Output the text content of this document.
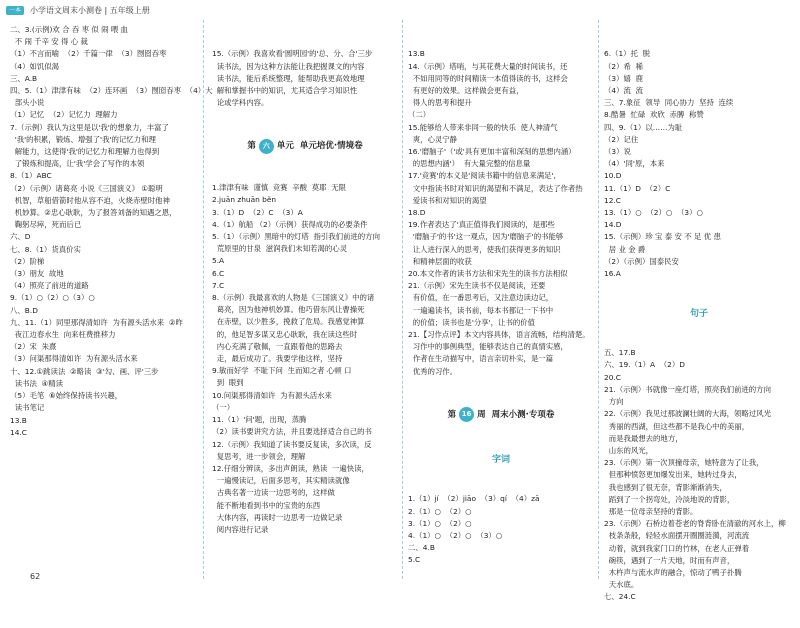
一本	小学语文周末小测卷 | 五年级上册
二、3.(示例)欢 合 吞 枣 似 闹 喂 血
不 闹 千辛 安 得 心 裁
（1）不言而喻  （2）千篇一律  （3）囫囵吞枣
（4）如饥似渴
三、A.B
四、5.（1）津津有味  （2）连环画  （3）囫囵吞枣  （4）大
部头小说
（1）记忆  （2）记忆力  理解力
7.（示例）我认为这里是以'我'的想象力，丰富了
'我'的积累，锻炼、增强了'我'的记忆力和理
解能力，这使得'我'的记忆力和理解力也得到
了锻炼和提高，让'我'学会了写作的本领
8.（1）ABC
（2）（示例）诸葛亮 小说《三国演义》 ①聪明
机智，草船借箭时他从容不迫，火烧赤壁时他神
机妙算。②忠心耿耿，为了报答刘备的知遇之恩，
鞠躬尽瘁，死而后已
六、D
七、8.（1）货真价实
（2）阶梯
（3）朋友  故地
（4）照亮了前进的道路
9.（1）○（2）○（3）○
八、B.D
九、11.（1）同里那得清如许  为有源头活水来  ②昨
夜江边春水生  向来枉费推移力
（2）宋  朱熹
（3）问渠那得清如许  为有源头活水来
十、12.①跳读法  ②略读  ③'勾、画、评'三步
读书法  ④精读
（5）毛笔  ⑥始终保持读书兴趣，
读书笔记
13.B
14.C

15.（示例）我喜欢看'圆明园'的'总、分、合'三步
读书法，因为这种方法能让我把握课文的内容
读书法，能后系统整理，能帮助我更高效地理
解和掌握书中的知识，尤其适合学习知识性
论或学科内容。

第	六 单元  单元培优·情境卷

1.津津有味  谨慎  竞赛  辛酸  莫耶  无限
2.juān zhuān běn
3.（1）D  （2）C  （3）A
4.（1）航船 （2）（示例）获得成功的必要条件
5.（1）（示例）黑暗中的灯塔  指引我们前进的方向
荒原里的甘泉  滋润我们未知若渴的心灵
5.A
6.C
7.C
8.（示例）我最喜欢的人物是《三国演义》中的诸
葛亮，因为他神机妙算。他巧借东风让曹操死
在赤壁，以少胜多，挽救了危局。我感觉神算
的，他足智多谋又忠心耿耿，我在读这些时
内心充满了敬佩，一直跟着他的思路去
走，最后成功了。我要学他这样，坚持
9.敏而好学  不耻下问  生而知之者 心顿 口
到  眼到
10.问渠那得清如许  为有源头活水来
（一）
11.（1）'问'题，出现，蒸腾
（2）读书要讲究方法，并且要选择适合自己的书
12.（示例）我知道了读书要反复读，多次读，反
复思考，进一步领会，理解
12.仔细分辨读，多出声朗读，熟读  一遍快读，
一遍慢读记，后面多思考，其实精读就像
古典名著一边读一边思考的，这样做
能不断地看到书中的宝贵的东西
大体内容，再读时一边思考一边做记录
阅内容进行记录

13.B
14.（示例）塔哨，与其花费大量的时间读书，还
不如用同等的时间精读一本值得读的书，这样会
有更好的效果。这样做会更有益，
得人的思考和提升
（二）
15.能够给人带来非同一般的快乐  使人神清气
爽，心灵宁静
16.'磨脑子'（'或'具有更加丰富和深刻的思想内涵）
的思想内涵'）  有大量完整的信息量
17.'竞赛'的本义是'阅读书籍中的信息来满足',
文中指读书时对知识的渴望和不满足，表达了作者热
爱读书和对知识的渴望
18.D
19.作者表达了'真正值得我们阅读的，是那些
'磨脑子'的书'这一观点，因为'磨脑子'的书能够
让人进行深入的思考，使我们获得更多的知识
和精神层面的收获
20.本文作者的读书方法和宋先生的读书方法相似
21.（示例）宋先生读书不仅是阅读，还要
有价值，在一番思考后，又注意边读边记，
一遍遍读书，读书前，每本书都记一下书中
的价值；读书也是'分享'，让书的价值
21.【习作点评】本文内容具体，语言流畅，结构清楚。
习作中的事例典型，能够表达自己的真情实感，
作者在生动描写中，语言亲切朴实，是一篇
优秀的习作。

第 16 周  周末小测·专项卷

字词

1.（1）jí  （2）jiāo  （3）qí  （4）zā
2.（1）○  （2）○
3.（1）○  （2）○
4.（1）○  （2）○  （3）○
二、4.B
5.C

6.（1）托  脱
（2）希  稀
（3）嬉  鹿
（4）流  流
三、7.象征  领导  同心协力  坚持  连续
8.酷暑  忙碌  欢欣  赤膊  称赞
四、9.（1）以……为耻
（2）记住
（3）说
（4）'同'原，本来
10.D
11.（1）D  （2）C
12.C
13.（1）○  （2）○  （3）○
14.D
15.（示例）珍 宝 泰 安 不 足 优 患
居 业 金 爵
（2）（示例）国泰民安
16.A

句子

五、17.B
六、19.（1）A  （2）D
20.C
21.（示例）书就像一座灯塔，照亮我们前进的方向
方向
22.（示例）我见过那波澜壮阔的大海，领略过风光
秀丽的西湖，但这些都不是我心中的美丽，
而是我最想去的地方，
山东的风光，
23.（示例）第一次顶撞母亲，她特意为了让我，
但那种愤怒更加爆发出来，她转过身去，
我也感到了很无奈，背影渐渐消失，
蹈到了一个拐弯处，冷淡地说的背影，
那是一位母亲坚持的背影。
23.（示例）石桥边着苍老的脊背卧在清澈的河水上，柳
枝条条般，轻轻水面摆开圈圈涟漪，河流流
动着，就到我家门口的竹林，在老人正弹着
碗筷，遇到了一片天地，时而有声音，
木杵声与流水声的融合，惊动了鸭子扑腾
天水底。
七、24.C

62
